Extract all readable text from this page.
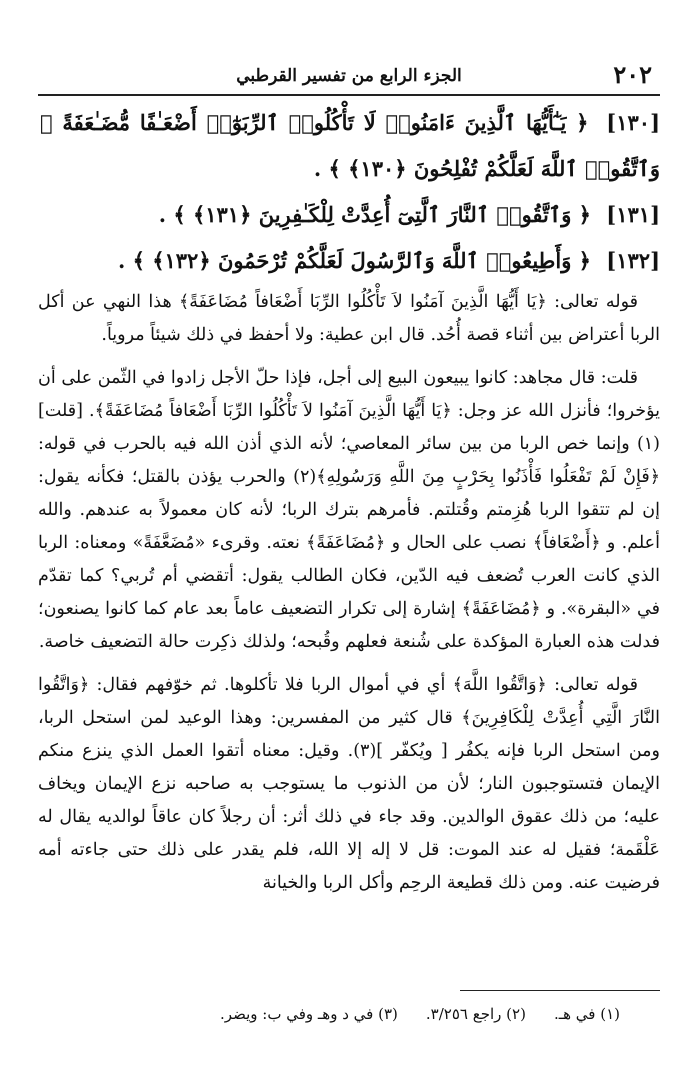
٢٠٢
الجزء الرابع من تفسير القرطبي

[١٣٠] ﴿ يَـٰٓأَيُّهَا ٱلَّذِينَ ءَامَنُوا۟ لَا تَأْكُلُوا۟ ٱلرِّبَوٰٓا۟ أَضْعَـٰفًا مُّضَـٰعَفَةً ۖ وَٱتَّقُوا۟ ٱللَّهَ لَعَلَّكُمْ تُفْلِحُونَ ﴿١٣٠﴾ ﴾ .

[١٣١] ﴿ وَٱتَّقُوا۟ ٱلنَّارَ ٱلَّتِىٓ أُعِدَّتْ لِلْكَـٰفِرِينَ ﴿١٣١﴾ ﴾ .

[١٣٢] ﴿ وَأَطِيعُوا۟ ٱللَّهَ وَٱلرَّسُولَ لَعَلَّكُمْ تُرْحَمُونَ ﴿١٣٢﴾ ﴾ .

قوله تعالى: ﴿يَا أَيُّهَا الَّذِينَ آمَنُوا لاَ تَأْكُلُوا الرِّبَا أَضْعَافاً مُضَاعَفَةً﴾ هذا النهي عن أكل الربا أعتراض بين أثناء قصة أُحُد. قال ابن عطية: ولا أحفظ في ذلك شيئاً مروياً.

قلت: قال مجاهد: كانوا يبيعون البيع إلى أجل، فإذا حلّ الأجل زادوا في الثّمن على أن يؤخروا؛ فأنزل الله عز وجل: ﴿يَا أَيُّهَا الَّذِينَ آمَنُوا لاَ تَأْكُلُوا الرِّبَا أَضْعَافاً مُضَاعَفَةً﴾. [قلت](١) وإنما خص الربا من بين سائر المعاصي؛ لأنه الذي أذن الله فيه بالحرب في قوله: ﴿فَإِنْ لَمْ تَفْعَلُوا فَأْذَنُوا بِحَرْبٍ مِنَ اللَّهِ وَرَسُولِهِ﴾(٢) والحرب يؤذن بالقتل؛ فكأنه يقول: إن لم تتقوا الربا هُزِمتم وقُتلتم. فأمرهم بترك الربا؛ لأنه كان معمولاً به عندهم. والله أعلم. و ﴿أَضْعَافاً﴾ نصب على الحال و ﴿مُضَاعَفَةً﴾ نعته. وقرىء «مُضَعَّفَةً» ومعناه: الربا الذي كانت العرب تُضعف فيه الدّين، فكان الطالب يقول: أتقضي أم تُربي؟ كما تقدّم في «البقرة». و ﴿مُضَاعَفَةً﴾ إشارة إلى تكرار التضعيف عاماً بعد عام كما كانوا يصنعون؛ فدلت هذه العبارة المؤكدة على شُنعة فعلهم وقُبحه؛ ولذلك ذكِرت حالة التضعيف خاصة.

قوله تعالى: ﴿وَاتَّقُوا اللَّهَ﴾ أي في أموال الربا فلا تأكلوها. ثم خوّفهم فقال: ﴿وَاتَّقُوا النَّارَ الَّتِي أُعِدَّتْ لِلْكَافِرِينَ﴾ قال كثير من المفسرين: وهذا الوعيد لمن استحل الربا، ومن استحل الربا فإنه يكفُر [ ويُكفّر ](٣). وقيل: معناه أتقوا العمل الذي ينزع منكم الإيمان فتستوجبون النار؛ لأن من الذنوب ما يستوجب به صاحبه نزع الإيمان ويخاف عليه؛ من ذلك عقوق الوالدين. وقد جاء في ذلك أثر: أن رجلاً كان عاقاً لوالديه يقال له عَلْقَمة؛ فقيل له عند الموت: قل لا إله إلا الله، فلم يقدر على ذلك حتى جاءته أمه فرضيت عنه. ومن ذلك قطيعة الرحِم وأكل الربا والخيانة

(١) في هـ.
(٢) راجع ٣/٢٥٦.
(٣) في د وهـ وفي ب: ويضر.
